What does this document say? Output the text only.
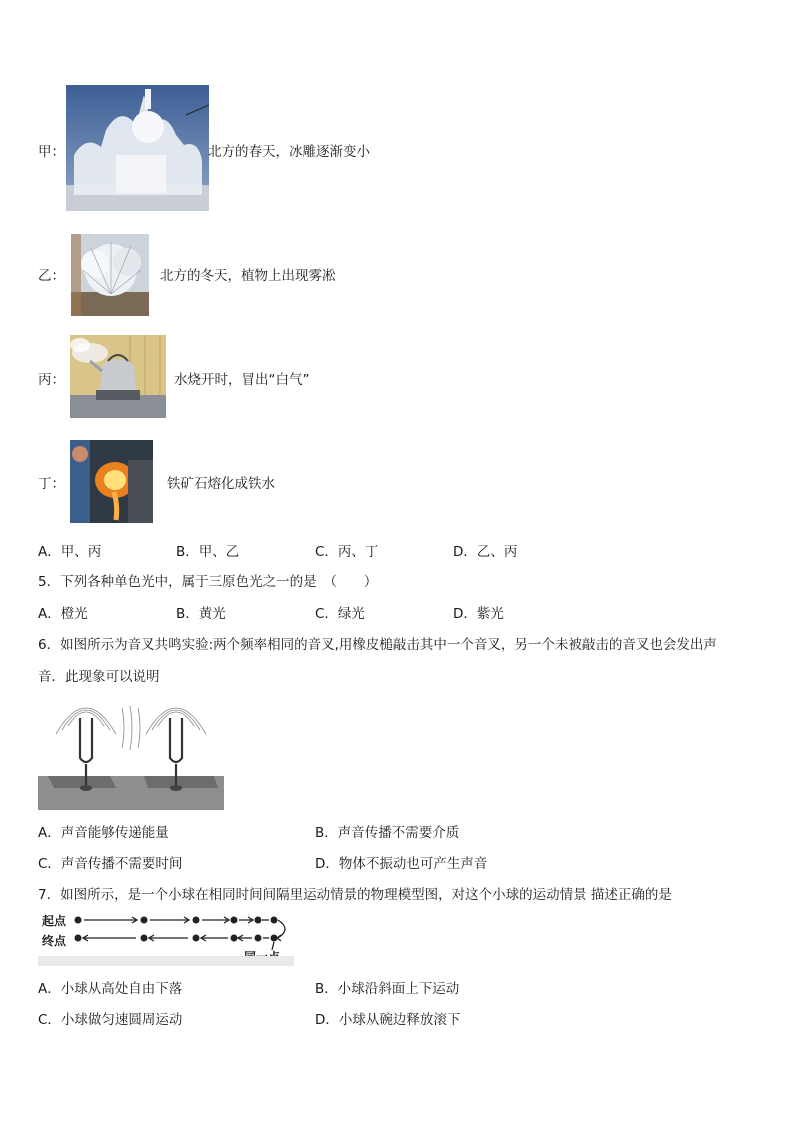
甲：	北方的春天，冰雕逐渐变小
乙：	北方的冬天，植物上出现雾凇
丙：	水烧开时，冒出“白气”
丁：	铁矿石熔化成铁水
A．甲、丙	B．甲、乙	C．丙、丁	D．乙、丙
5．下列各种单色光中，属于三原色光之一的是　（　　）
A．橙光	B．黄光	C．绿光	D．紫光
6．如图所示为音叉共鸣实验:两个频率相同的音叉,用橡皮槌敲击其中一个音叉，另一个未被敲击的音叉也会发出声
音．此现象可以说明
A．声音能够传递能量	B．声音传播不需要介质
C．声音传播不需要时间	D．物体不振动也可产生声音
7．如图所示，是一个小球在相同时间间隔里运动情景的物理模型图，对这个小球的运动情景 描述正确的是
起点
终点
A．小球从高处自由下落	B．小球沿斜面上下运动
C．小球做匀速圆周运动	D．小球从碗边释放滚下
